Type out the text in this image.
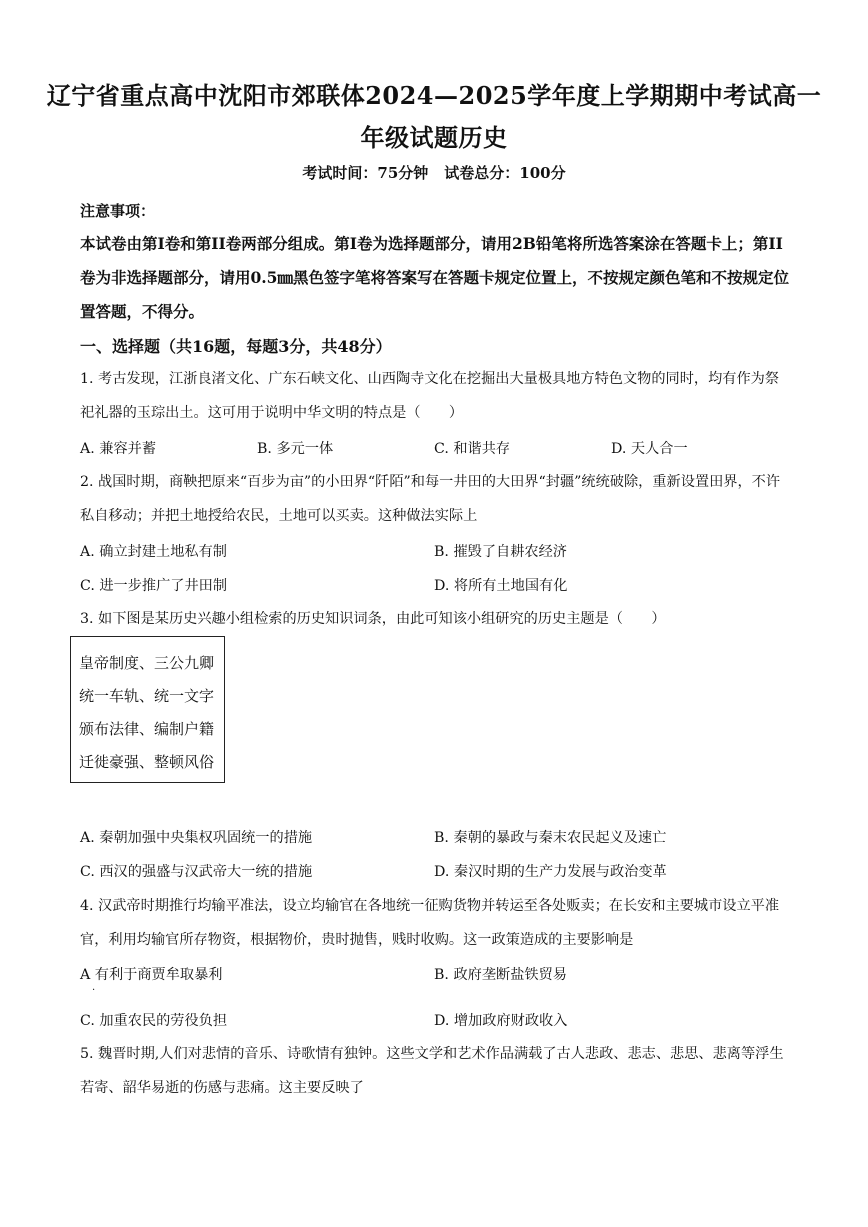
辽宁省重点高中沈阳市郊联体2024—2025学年度上学期期中考试高一
年级试题历史
考试时间：75分钟 试卷总分：100分
注意事项：
本试卷由第Ⅰ卷和第II卷两部分组成。第Ⅰ卷为选择题部分，请用2B铅笔将所选答案涂在答题卡上；第II卷为非选择题部分，请用0.5㎜黑色签字笔将答案写在答题卡规定位置上，不按规定颜色笔和不按规定位置答题，不得分。
一、选择题（共16题，每题3分，共48分）
1. 考古发现，江浙良渚文化、广东石峡文化、山西陶寺文化在挖掘出大量极具地方特色文物的同时，均有作为祭祀礼器的玉琮出土。这可用于说明中华文明的特点是（　　）
A. 兼容并蓄	B. 多元一体	C. 和谐共存	D. 天人合一
2. 战国时期，商鞅把原来“百步为亩”的小田界“阡陌”和每一井田的大田界“封疆”统统破除，重新设置田界，不许私自移动；并把土地授给农民，土地可以买卖。这种做法实际上
A. 确立封建土地私有制	B. 摧毁了自耕农经济
C. 进一步推广了井田制	D. 将所有土地国有化
3. 如下图是某历史兴趣小组检索的历史知识词条，由此可知该小组研究的历史主题是（　　）
皇帝制度、三公九卿
统一车轨、统一文字
颁布法律、编制户籍
迁徙豪强、整顿风俗
A. 秦朝加强中央集权巩固统一的措施	B. 秦朝的暴政与秦末农民起义及速亡
C. 西汉的强盛与汉武帝大一统的措施	D. 秦汉时期的生产力发展与政治变革
4. 汉武帝时期推行均输平准法，设立均输官在各地统一征购货物并转运至各处贩卖；在长安和主要城市设立平准官，利用均输官所存物资，根据物价，贵时抛售，贱时收购。这一政策造成的主要影响是
A 有利于商贾牟取暴利	B. 政府垄断盐铁贸易
.
C. 加重农民的劳役负担	D. 增加政府财政收入
5. 魏晋时期,人们对悲情的音乐、诗歌情有独钟。这些文学和艺术作品满载了古人悲政、悲志、悲思、悲离等浮生若寄、韶华易逝的伤感与悲痛。这主要反映了
